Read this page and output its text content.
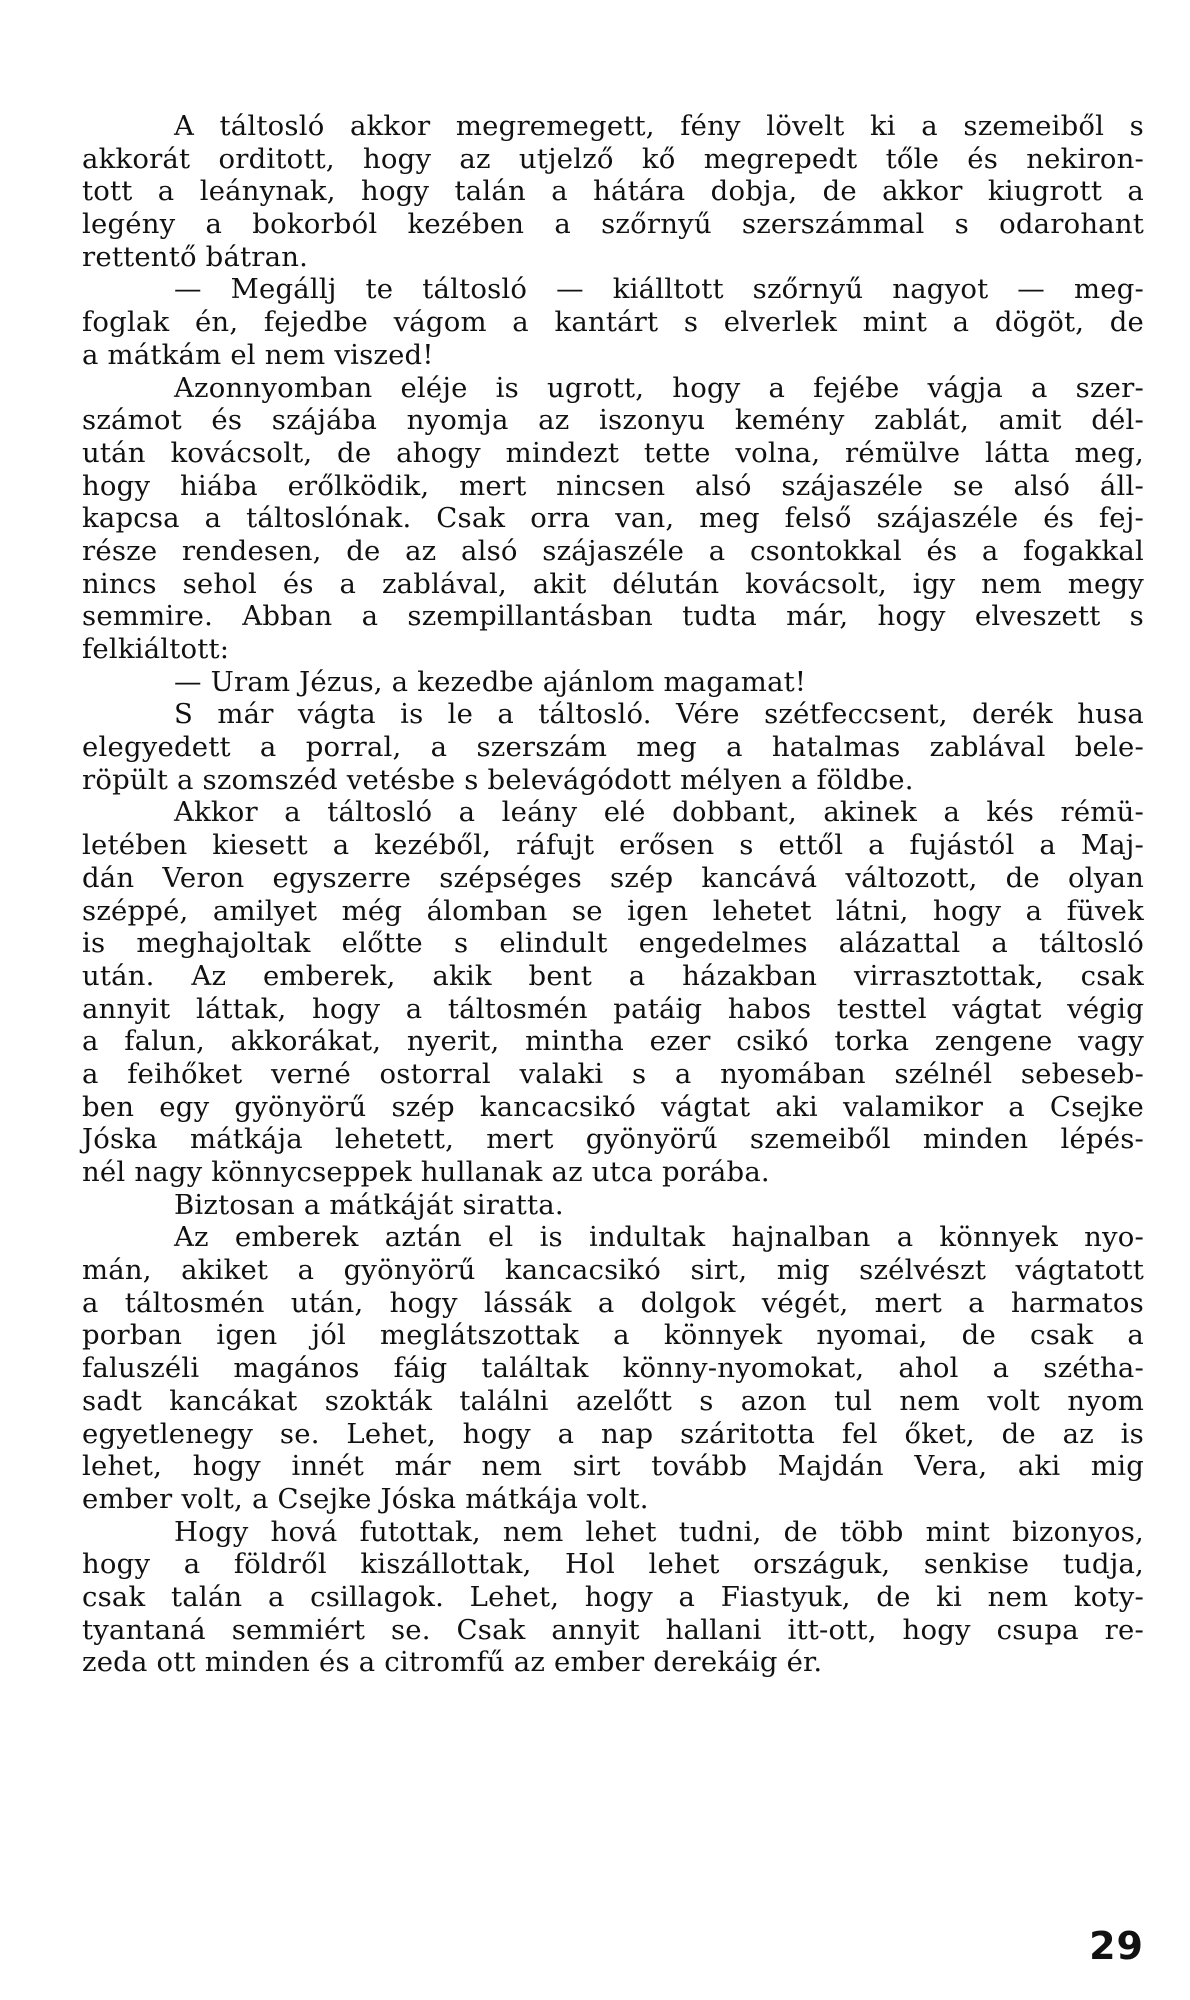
A táltosló akkor megremegett, fény lövelt ki a szemeiből s
akkorát orditott, hogy az utjelző kő megrepedt tőle és nekiron-
tott a leánynak, hogy talán a hátára dobja, de akkor kiugrott a
legény a bokorból kezében a szőrnyű szerszámmal s odarohant
rettentő bátran.
— Megállj te táltosló — kiálltott szőrnyű nagyot — meg-
foglak én, fejedbe vágom a kantárt s elverlek mint a dögöt, de
a mátkám el nem viszed!
Azonnyomban eléje is ugrott, hogy a fejébe vágja a szer-
számot és szájába nyomja az iszonyu kemény zablát, amit dél-
után kovácsolt, de ahogy mindezt tette volna, rémülve látta meg,
hogy hiába erőlködik, mert nincsen alsó szájaszéle se alsó áll-
kapcsa a táltoslónak. Csak orra van, meg felső szájaszéle és fej-
része rendesen, de az alsó szájaszéle a csontokkal és a fogakkal
nincs sehol és a zablával, akit délután kovácsolt, igy nem megy
semmire. Abban a szempillantásban tudta már, hogy elveszett s
felkiáltott:
— Uram Jézus, a kezedbe ajánlom magamat!
S már vágta is le a táltosló. Vére szétfeccsent, derék husa
elegyedett a porral, a szerszám meg a hatalmas zablával bele-
röpült a szomszéd vetésbe s belevágódott mélyen a földbe.
Akkor a táltosló a leány elé dobbant, akinek a kés rémü-
letében kiesett a kezéből, ráfujt erősen s ettől a fujástól a Maj-
dán Veron egyszerre szépséges szép kancává változott, de olyan
széppé, amilyet még álomban se igen lehetet látni, hogy a füvek
is meghajoltak előtte s elindult engedelmes alázattal a táltosló
után. Az emberek, akik bent a házakban virrasztottak, csak
annyit láttak, hogy a táltosmén patáig habos testtel vágtat végig
a falun, akkorákat, nyerit, mintha ezer csikó torka zengene vagy
a feihőket verné ostorral valaki s a nyomában szélnél sebeseb-
ben egy gyönyörű szép kancacsikó vágtat aki valamikor a Csejke
Jóska mátkája lehetett, mert gyönyörű szemeiből minden lépés-
nél nagy könnycseppek hullanak az utca porába.
Biztosan a mátkáját siratta.
Az emberek aztán el is indultak hajnalban a könnyek nyo-
mán, akiket a gyönyörű kancacsikó sirt, mig szélvészt vágtatott
a táltosmén után, hogy lássák a dolgok végét, mert a harmatos
porban igen jól meglátszottak a könnyek nyomai, de csak a
faluszéli magános fáig találtak könny-nyomokat, ahol a szétha-
sadt kancákat szokták találni azelőtt s azon tul nem volt nyom
egyetlenegy se. Lehet, hogy a nap száritotta fel őket, de az is
lehet, hogy innét már nem sirt tovább Majdán Vera, aki mig
ember volt, a Csejke Jóska mátkája volt.
Hogy hová futottak, nem lehet tudni, de több mint bizonyos,
hogy a földről kiszállottak, Hol lehet országuk, senkise tudja,
csak talán a csillagok. Lehet, hogy a Fiastyuk, de ki nem koty-
tyantaná semmiért se. Csak annyit hallani itt-ott, hogy csupa re-
zeda ott minden és a citromfű az ember derekáig ér.
29
